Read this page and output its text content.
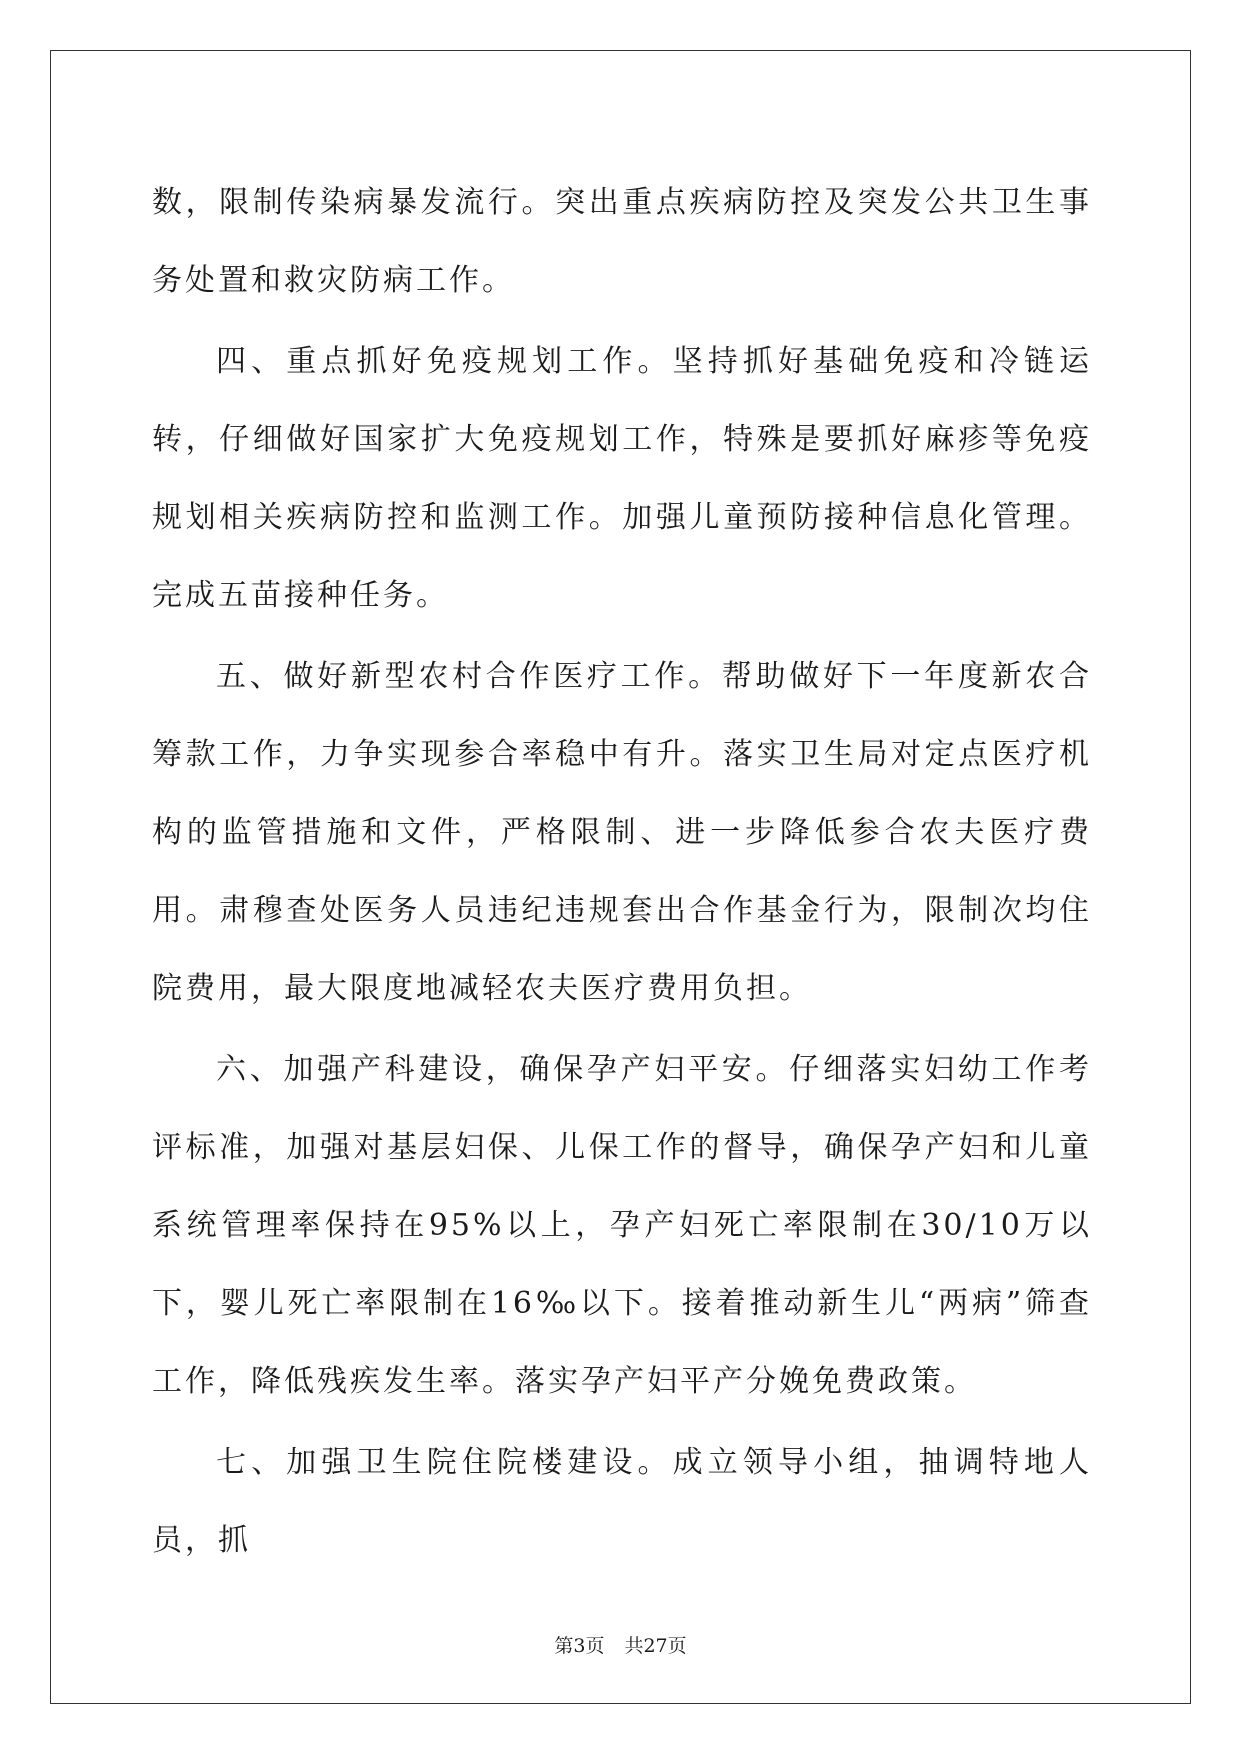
数，限制传染病暴发流行。突出重点疾病防控及突发公共卫生事务处置和救灾防病工作。

四、重点抓好免疫规划工作。坚持抓好基础免疫和冷链运转，仔细做好国家扩大免疫规划工作，特殊是要抓好麻疹等免疫规划相关疾病防控和监测工作。加强儿童预防接种信息化管理。完成五苗接种任务。

五、做好新型农村合作医疗工作。帮助做好下一年度新农合筹款工作，力争实现参合率稳中有升。落实卫生局对定点医疗机构的监管措施和文件，严格限制、进一步降低参合农夫医疗费用。肃穆查处医务人员违纪违规套出合作基金行为，限制次均住院费用，最大限度地减轻农夫医疗费用负担。

六、加强产科建设，确保孕产妇平安。仔细落实妇幼工作考评标准，加强对基层妇保、儿保工作的督导，确保孕产妇和儿童系统管理率保持在95%以上，孕产妇死亡率限制在30/10万以下，婴儿死亡率限制在16‰以下。接着推动新生儿“两病”筛查工作，降低残疾发生率。落实孕产妇平产分娩免费政策。

七、加强卫生院住院楼建设。成立领导小组，抽调特地人员，抓

第3页 共27页
